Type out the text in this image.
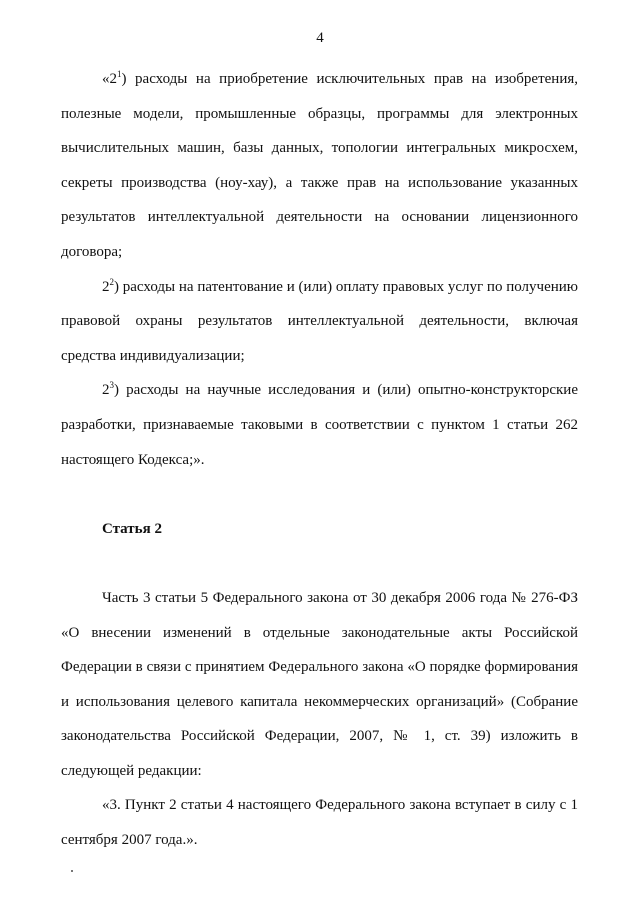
4

«$2^1$) расходы на приобретение исключительных прав на изобретения, полезные модели, промышленные образцы, программы для электронных вычислительных машин, базы данных, топологии интегральных микросхем, секреты производства (ноу-хау), а также прав на использование указанных результатов интеллектуальной деятельности на основании лицензионного договора;

$2^2$) расходы на патентование и (или) оплату правовых услуг по получению правовой охраны результатов интеллектуальной деятельности, включая средства индивидуализации;

$2^3$) расходы на научные исследования и (или) опытно-конструкторские разработки, признаваемые таковыми в соответствии с пунктом 1 статьи 262 настоящего Кодекса;».

Статья 2

Часть 3 статьи 5 Федерального закона от 30 декабря 2006 года № 276-ФЗ «О внесении изменений в отдельные законодательные акты Российской Федерации в связи с принятием Федерального закона «О порядке формирования и использования целевого капитала некоммерческих организаций» (Собрание законодательства Российской Федерации, 2007, № 1, ст. 39) изложить в следующей редакции:

«3. Пункт 2 статьи 4 настоящего Федерального закона вступает в силу с 1 сентября 2007 года.».
